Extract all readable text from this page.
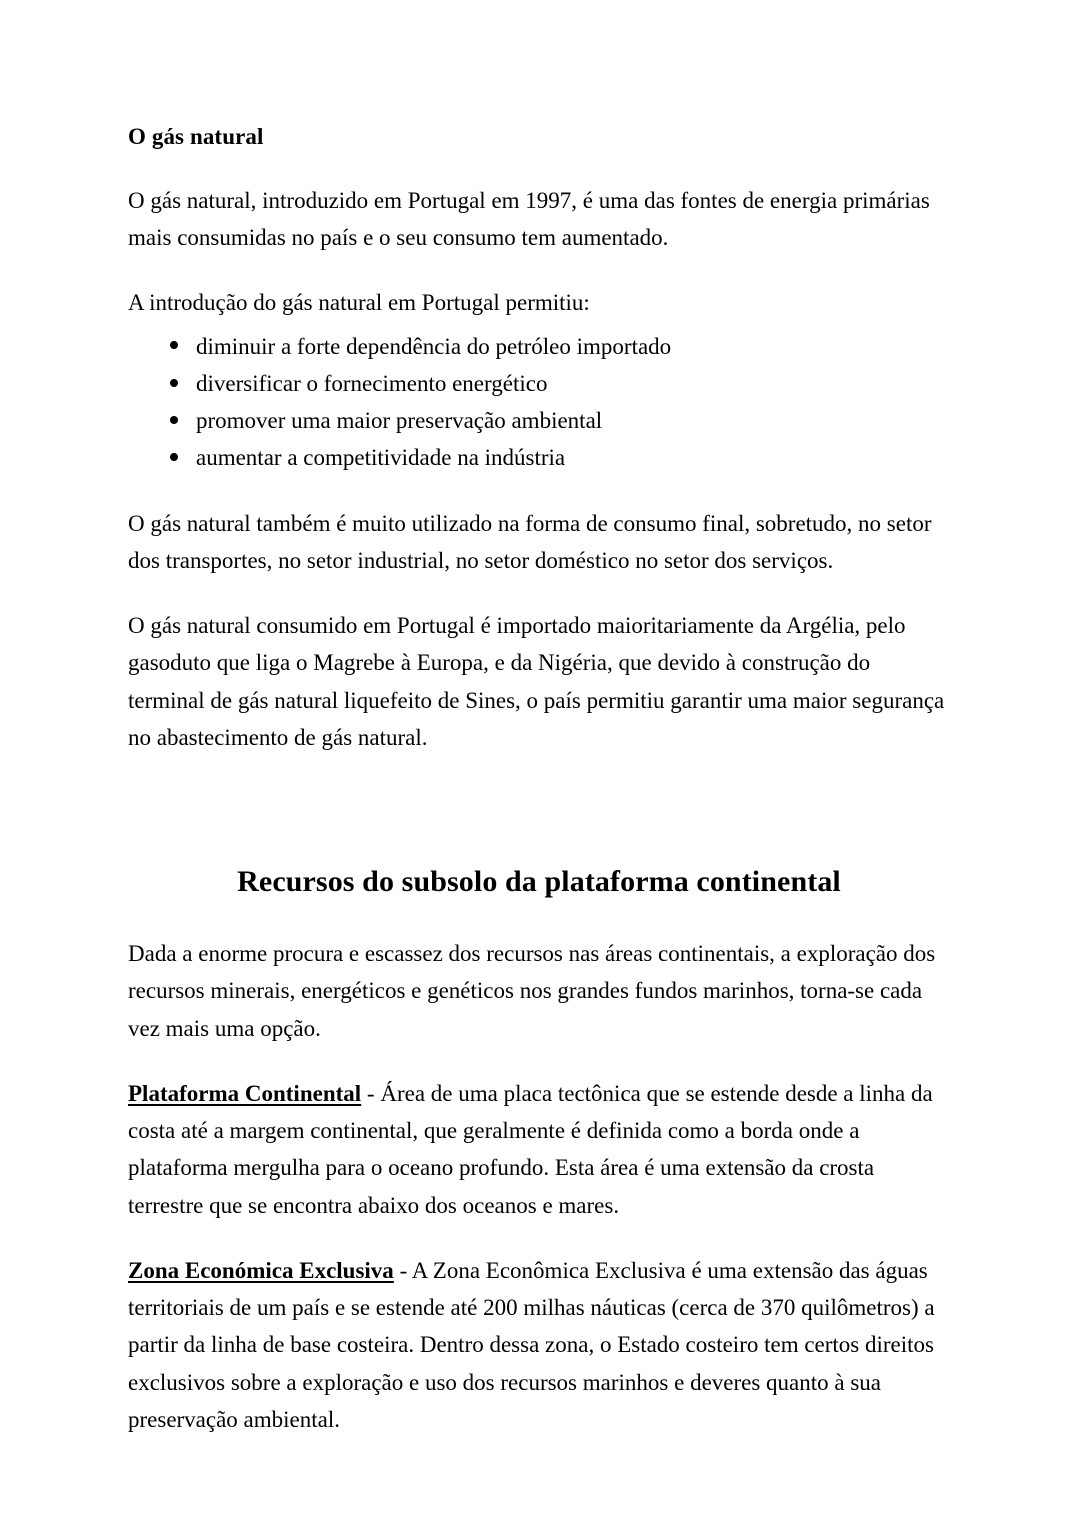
O gás natural

O gás natural, introduzido em Portugal em 1997, é uma das fontes de energia primárias mais consumidas no país e o seu consumo tem aumentado.

A introdução do gás natural em Portugal permitiu:

diminuir a forte dependência do petróleo importado
diversificar o fornecimento energético
promover uma maior preservação ambiental
aumentar a competitividade na indústria

O gás natural também é muito utilizado na forma de consumo final, sobretudo, no setor dos transportes, no setor industrial, no setor doméstico no setor dos serviços.

O gás natural consumido em Portugal é importado maioritariamente da Argélia, pelo gasoduto que liga o Magrebe à Europa, e da Nigéria, que devido à construção do terminal de gás natural liquefeito de Sines, o país permitiu garantir uma maior segurança no abastecimento de gás natural.

Recursos do subsolo da plataforma continental

Dada a enorme procura e escassez dos recursos nas áreas continentais, a exploração dos recursos minerais, energéticos e genéticos nos grandes fundos marinhos, torna-se cada vez mais uma opção.

Plataforma Continental - Área de uma placa tectônica que se estende desde a linha da costa até a margem continental, que geralmente é definida como a borda onde a plataforma mergulha para o oceano profundo. Esta área é uma extensão da crosta terrestre que se encontra abaixo dos oceanos e mares.

Zona Económica Exclusiva - A Zona Econômica Exclusiva é uma extensão das águas territoriais de um país e se estende até 200 milhas náuticas (cerca de 370 quilômetros) a partir da linha de base costeira. Dentro dessa zona, o Estado costeiro tem certos direitos exclusivos sobre a exploração e uso dos recursos marinhos e deveres quanto à sua preservação ambiental.
